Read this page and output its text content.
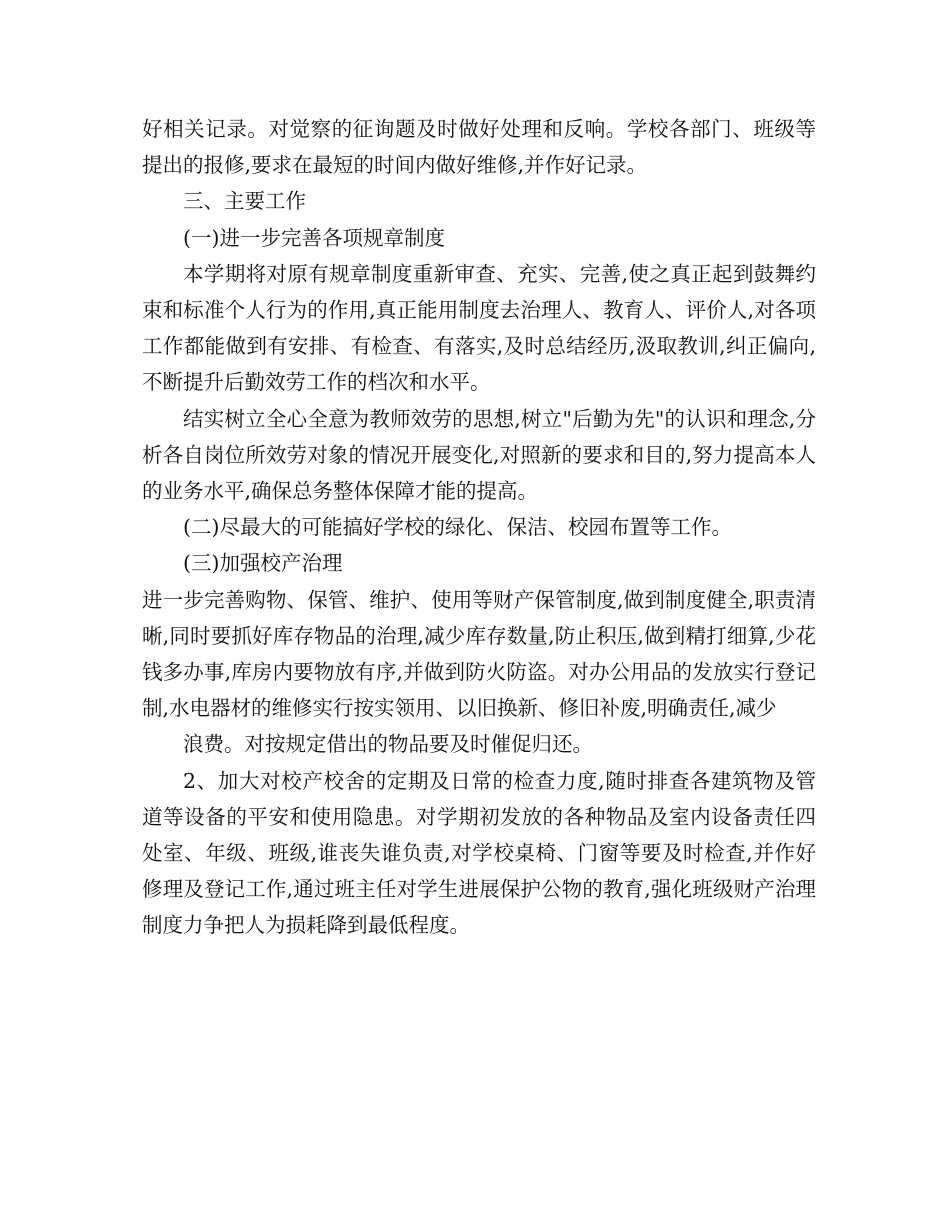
好相关记录。对觉察的征询题及时做好处理和反响。学校各部门、班级等提出的报修,要求在最短的时间内做好维修,并作好记录。

三、主要工作

(一)进一步完善各项规章制度

本学期将对原有规章制度重新审查、充实、完善,使之真正起到鼓舞约束和标准个人行为的作用,真正能用制度去治理人、教育人、评价人,对各项工作都能做到有安排、有检查、有落实,及时总结经历,汲取教训,纠正偏向,不断提升后勤效劳工作的档次和水平。

结实树立全心全意为教师效劳的思想,树立"后勤为先"的认识和理念,分析各自岗位所效劳对象的情况开展变化,对照新的要求和目的,努力提高本人的业务水平,确保总务整体保障才能的提高。

(二)尽最大的可能搞好学校的绿化、保洁、校园布置等工作。

(三)加强校产治理

进一步完善购物、保管、维护、使用等财产保管制度,做到制度健全,职责清晰,同时要抓好库存物品的治理,减少库存数量,防止积压,做到精打细算,少花钱多办事,库房内要物放有序,并做到防火防盗。对办公用品的发放实行登记制,水电器材的维修实行按实领用、以旧换新、修旧补废,明确责任,减少

浪费。对按规定借出的物品要及时催促归还。

2、加大对校产校舍的定期及日常的检查力度,随时排查各建筑物及管道等设备的平安和使用隐患。对学期初发放的各种物品及室内设备责任四处室、年级、班级,谁丧失谁负责,对学校桌椅、门窗等要及时检查,并作好修理及登记工作,通过班主任对学生进展保护公物的教育,强化班级财产治理制度力争把人为损耗降到最低程度。
